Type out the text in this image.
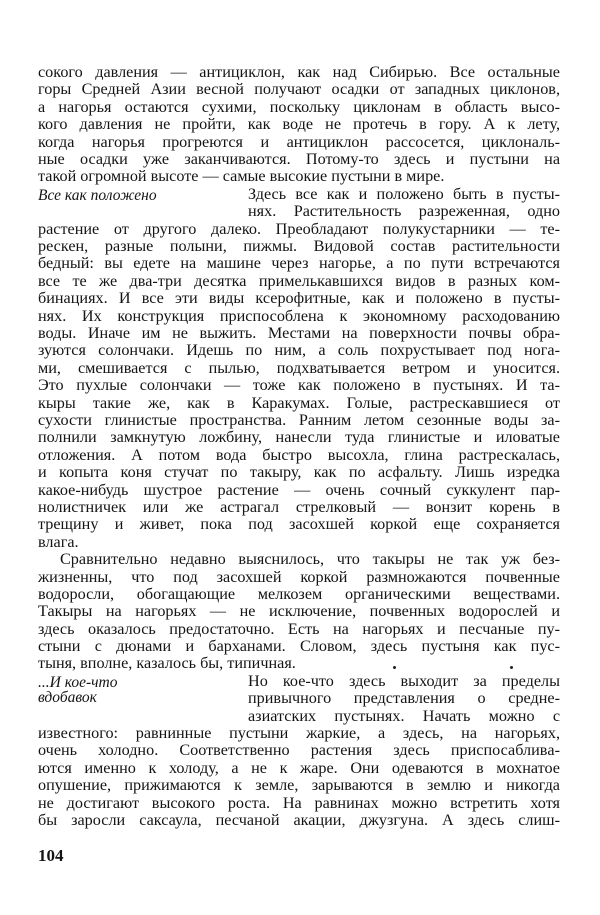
сокого давления — антициклон, как над Сибирью. Все остальные
горы Средней Азии весной получают осадки от западных циклонов,
а нагорья остаются сухими, поскольку циклонам в область высо-
кого давления не пройти, как воде не протечь в гору. А к лету,
когда нагорья прогреются и антициклон рассосется, циклональ-
ные осадки уже заканчиваются. Потому-то здесь и пустыни на
такой огромной высоте — самые высокие пустыни в мире.
Все как положено	Здесь все как и положено быть в пусты-
нях. Растительность разреженная, одно
растение от другого далеко. Преобладают полукустарники — те-
рескен, разные полыни, пижмы. Видовой состав растительности
бедный: вы едете на машине через нагорье, а по пути встречаются
все те же два-три десятка примелькавшихся видов в разных ком-
бинациях. И все эти виды ксерофитные, как и положено в пусты-
нях. Их конструкция приспособлена к экономному расходованию
воды. Иначе им не выжить. Местами на поверхности почвы обра-
зуются солончаки. Идешь по ним, а соль похрустывает под нога-
ми, смешивается с пылью, подхватывается ветром и уносится.
Это пухлые солончаки — тоже как положено в пустынях. И та-
кыры такие же, как в Каракумах. Голые, растрескавшиеся от
сухости глинистые пространства. Ранним летом сезонные воды за-
полнили замкнутую ложбину, нанесли туда глинистые и иловатые
отложения. А потом вода быстро высохла, глина растрескалась,
и копыта коня стучат по такыру, как по асфальту. Лишь изредка
какое-нибудь шустрое растение — очень сочный суккулент пар-
нолистничек или же астрагал стрелковый — вонзит корень в
трещину и живет, пока под засохшей коркой еще сохраняется
влага.
Сравнительно недавно выяснилось, что такыры не так уж без-
жизненны, что под засохшей коркой размножаются почвенные
водоросли, обогащающие мелкозем органическими веществами.
Такыры на нагорьях — не исключение, почвенных водорослей и
здесь оказалось предостаточно. Есть на нагорьях и песчаные пу-
стыни с дюнами и барханами. Словом, здесь пустыня как пус-
тыня, вполне, казалось бы, типичная.
...И кое-что
вдобавок
Но кое-что здесь выходит за пределы
привычного представления о средне-
азиатских пустынях. Начать можно с
известного: равнинные пустыни жаркие, а здесь, на нагорьях,
очень холодно. Соответственно растения здесь приспосабливa-
ются именно к холоду, а не к жаре. Они одеваются в мохнатое
опушение, прижимаются к земле, зарываются в землю и никогда
не достигают высокого роста. На равнинах можно встретить хотя
бы заросли саксаула, песчаной акации, джузгуна. А здесь слиш-
104
